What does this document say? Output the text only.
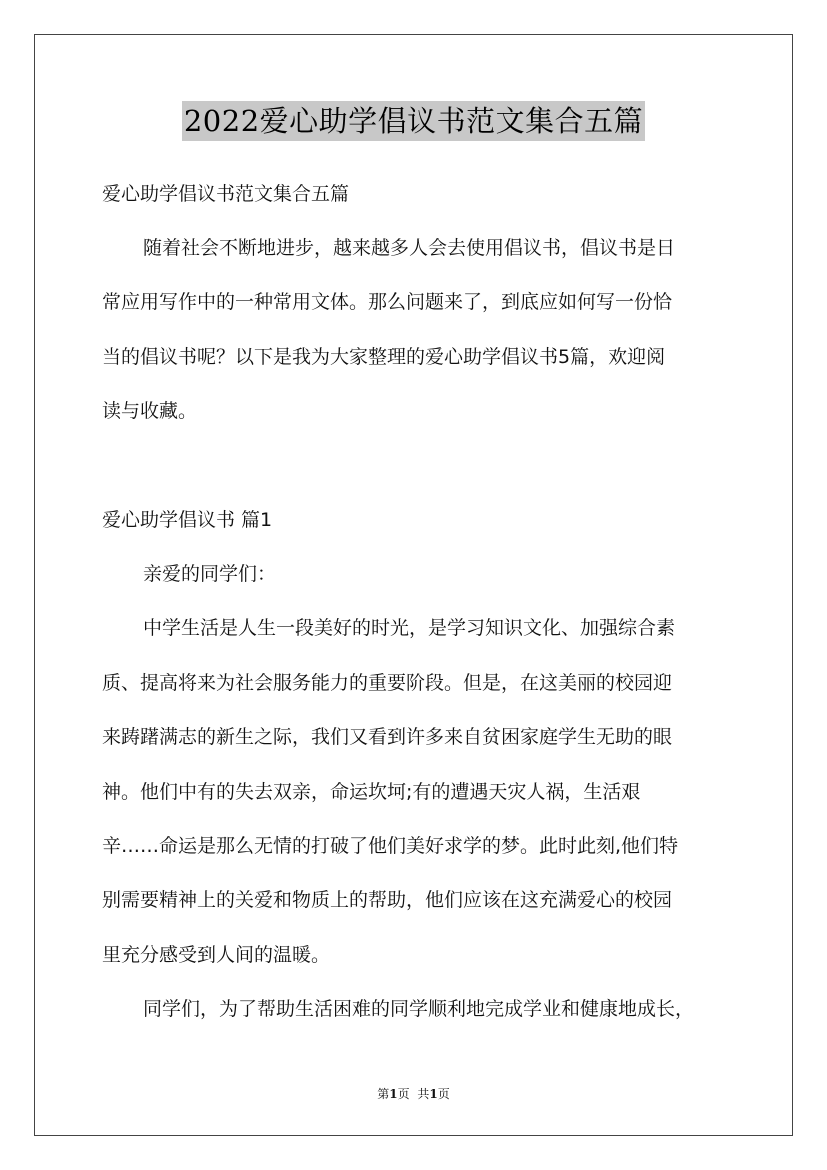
2022爱心助学倡议书范文集合五篇
爱心助学倡议书范文集合五篇
随着社会不断地进步，越来越多人会去使用倡议书，倡议书是日
常应用写作中的一种常用文体。那么问题来了，到底应如何写一份恰
当的倡议书呢？以下是我为大家整理的爱心助学倡议书5篇，欢迎阅
读与收藏。
爱心助学倡议书 篇1
亲爱的同学们：
中学生活是人生一段美好的时光，是学习知识文化、加强综合素
质、提高将来为社会服务能力的重要阶段。但是，在这美丽的校园迎
来踌躇满志的新生之际，我们又看到许多来自贫困家庭学生无助的眼
神。他们中有的失去双亲，命运坎坷;有的遭遇天灾人祸，生活艰
辛……命运是那么无情的打破了他们美好求学的梦。此时此刻,他们特
别需要精神上的关爱和物质上的帮助，他们应该在这充满爱心的校园
里充分感受到人间的温暖。
同学们，为了帮助生活困难的同学顺利地完成学业和健康地成长，
第1页 共1页
